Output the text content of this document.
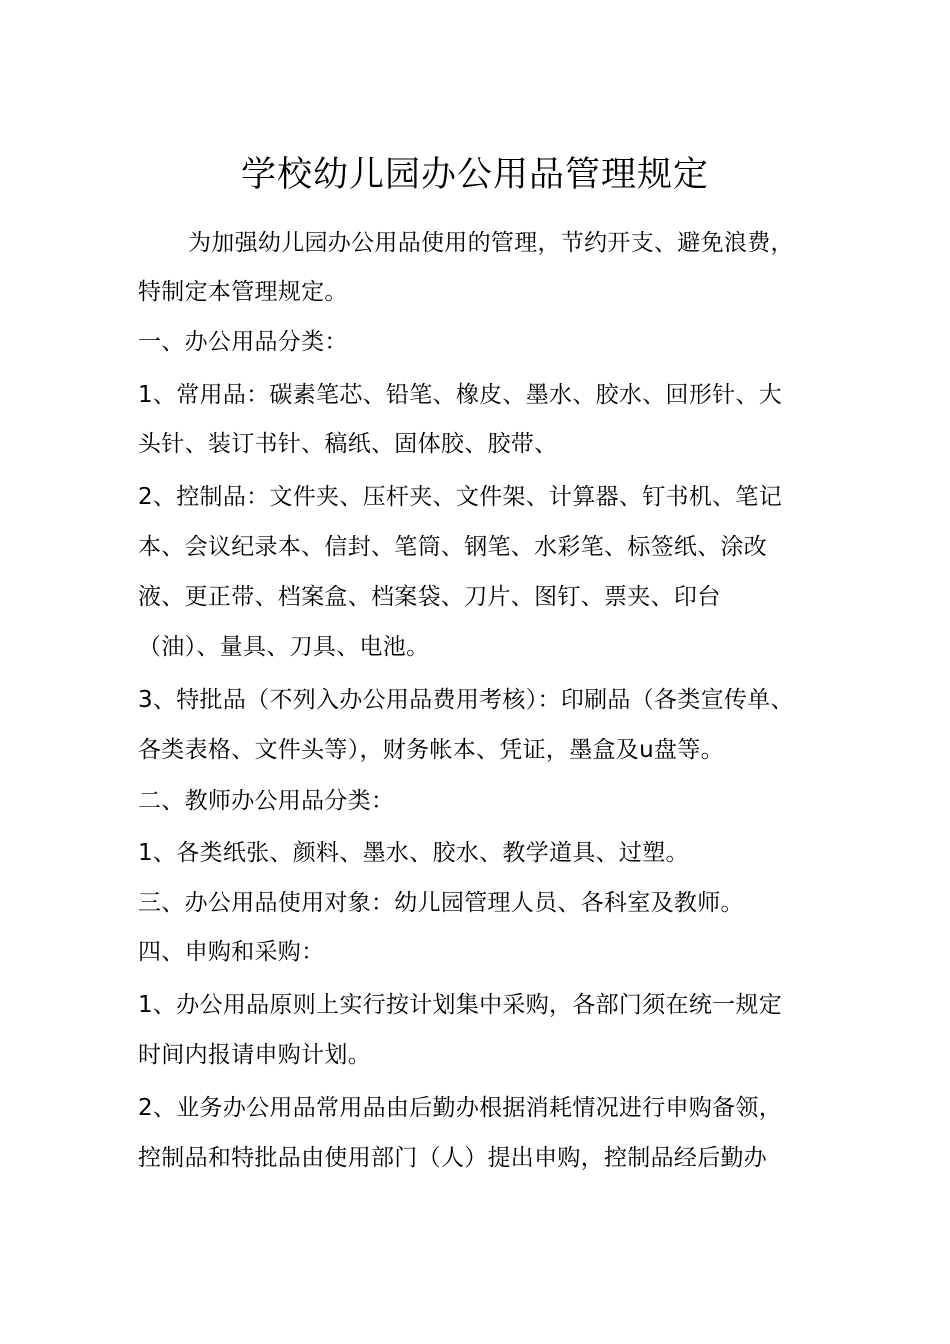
学校幼儿园办公用品管理规定
为加强幼儿园办公用品使用的管理，节约开支、避免浪费，
特制定本管理规定。
一、办公用品分类：
1、常用品：碳素笔芯、铅笔、橡皮、墨水、胶水、回形针、大
头针、装订书针、稿纸、固体胶、胶带、
2、控制品：文件夹、压杆夹、文件架、计算器、钉书机、笔记
本、会议纪录本、信封、笔筒、钢笔、水彩笔、标签纸、涂改
液、更正带、档案盒、档案袋、刀片、图钉、票夹、印台
（油）、量具、刀具、电池。
3、特批品（不列入办公用品费用考核）：印刷品（各类宣传单、
各类表格、文件头等），财务帐本、凭证，墨盒及u盘等。
二、教师办公用品分类：
1、各类纸张、颜料、墨水、胶水、教学道具、过塑。
三、办公用品使用对象：幼儿园管理人员、各科室及教师。
四、申购和采购：
1、办公用品原则上实行按计划集中采购，各部门须在统一规定
时间内报请申购计划。
2、业务办公用品常用品由后勤办根据消耗情况进行申购备领，
控制品和特批品由使用部门（人）提出申购，控制品经后勤办
